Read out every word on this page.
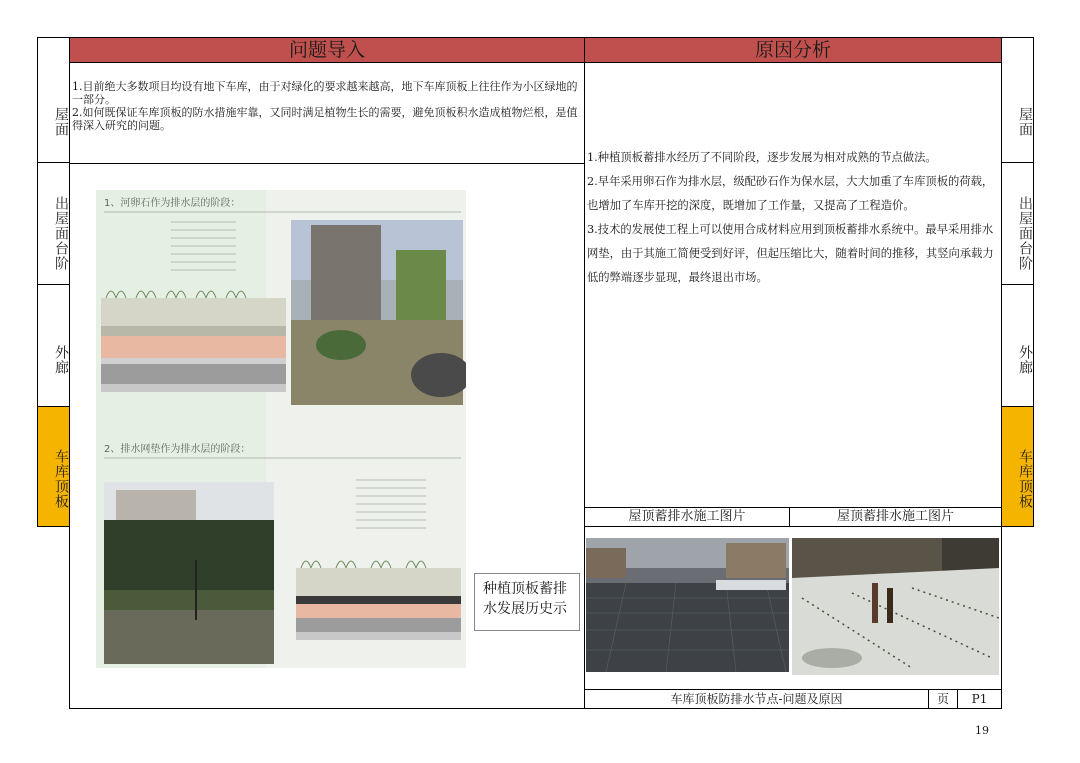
屋面
出屋面台阶
外廊
车库顶板
屋面
出屋面台阶
外廊
车库顶板
问题导入	原因分析
1.目前绝大多数项目均设有地下车库，由于对绿化的要求越来越高，地下车库顶板上往往作为小区绿地的一部分。
2.如何既保证车库顶板的防水措施牢靠，又同时满足植物生长的需要，避免顶板积水造成植物烂根，是值得深入研究的问题。

1.种植顶板蓄排水经历了不同阶段，逐步发展为相对成熟的节点做法。

2.早年采用卵石作为排水层，级配砂石作为保水层，大大加重了车库顶板的荷载，也增加了车库开挖的深度，既增加了工作量，又提高了工程造价。

3.技术的发展使工程上可以使用合成材料应用到顶板蓄排水系统中。最早采用排水网垫，由于其施工简便受到好评，但起压缩比大，随着时间的推移，其竖向承载力低的弊端逐步显现，最终退出市场。

1、河卵石作为排水层的阶段：
2、排水网垫作为排水层的阶段：
种植顶板蓄排水发展历史示
屋顶蓄排水施工图片	屋顶蓄排水施工图片
车库顶板防排水节点-问题及原因	页	P1
19
